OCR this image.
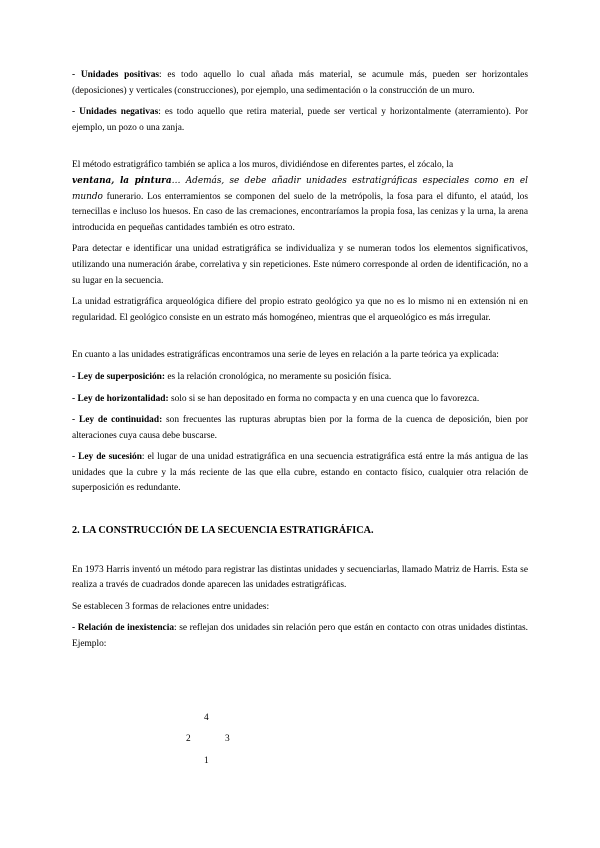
- Unidades positivas: es todo aquello lo cual añada más material, se acumule más, pueden ser horizontales (deposiciones) y verticales (construcciones), por ejemplo, una sedimentación o la construcción de un muro.

- Unidades negativas: es todo aquello que retira material, puede ser vertical y horizontalmente (aterramiento). Por ejemplo, un pozo o una zanja.

El método estratigráfico también se aplica a los muros, dividiéndose en diferentes partes, el zócalo, la
ventana, la pintura… Además, se debe añadir unidades estratigráficas especiales como en el mundo funerario. Los enterramientos se componen del suelo de la metrópolis, la fosa para el difunto, el ataúd, los ternecillas e incluso los huesos. En caso de las cremaciones, encontraríamos la propia fosa, las cenizas y la urna, la arena introducida en pequeñas cantidades también es otro estrato.

Para detectar e identificar una unidad estratigráfica se individualiza y se numeran todos los elementos significativos, utilizando una numeración árabe, correlativa y sin repeticiones. Este número corresponde al orden de identificación, no a su lugar en la secuencia.

La unidad estratigráfica arqueológica difiere del propio estrato geológico ya que no es lo mismo ni en extensión ni en regularidad. El geológico consiste en un estrato más homogéneo, mientras que el arqueológico es más irregular.

En cuanto a las unidades estratigráficas encontramos una serie de leyes en relación a la parte teórica ya explicada:

- Ley de superposición: es la relación cronológica, no meramente su posición física.

- Ley de horizontalidad: solo si se han depositado en forma no compacta y en una cuenca que lo favorezca.

- Ley de continuidad: son frecuentes las rupturas abruptas bien por la forma de la cuenca de deposición, bien por alteraciones cuya causa debe buscarse.

- Ley de sucesión: el lugar de una unidad estratigráfica en una secuencia estratigráfica está entre la más antigua de las unidades que la cubre y la más reciente de las que ella cubre, estando en contacto físico, cualquier otra relación de superposición es redundante.

2. LA CONSTRUCCIÓN DE LA SECUENCIA ESTRATIGRÁFICA.

En 1973 Harris inventó un método para registrar las distintas unidades y secuenciarlas, llamado Matriz de Harris. Esta se realiza a través de cuadrados donde aparecen las unidades estratigráficas.

Se establecen 3 formas de relaciones entre unidades:

- Relación de inexistencia: se reflejan dos unidades sin relación pero que están en contacto con otras unidades distintas. Ejemplo:

4
2	3
1
